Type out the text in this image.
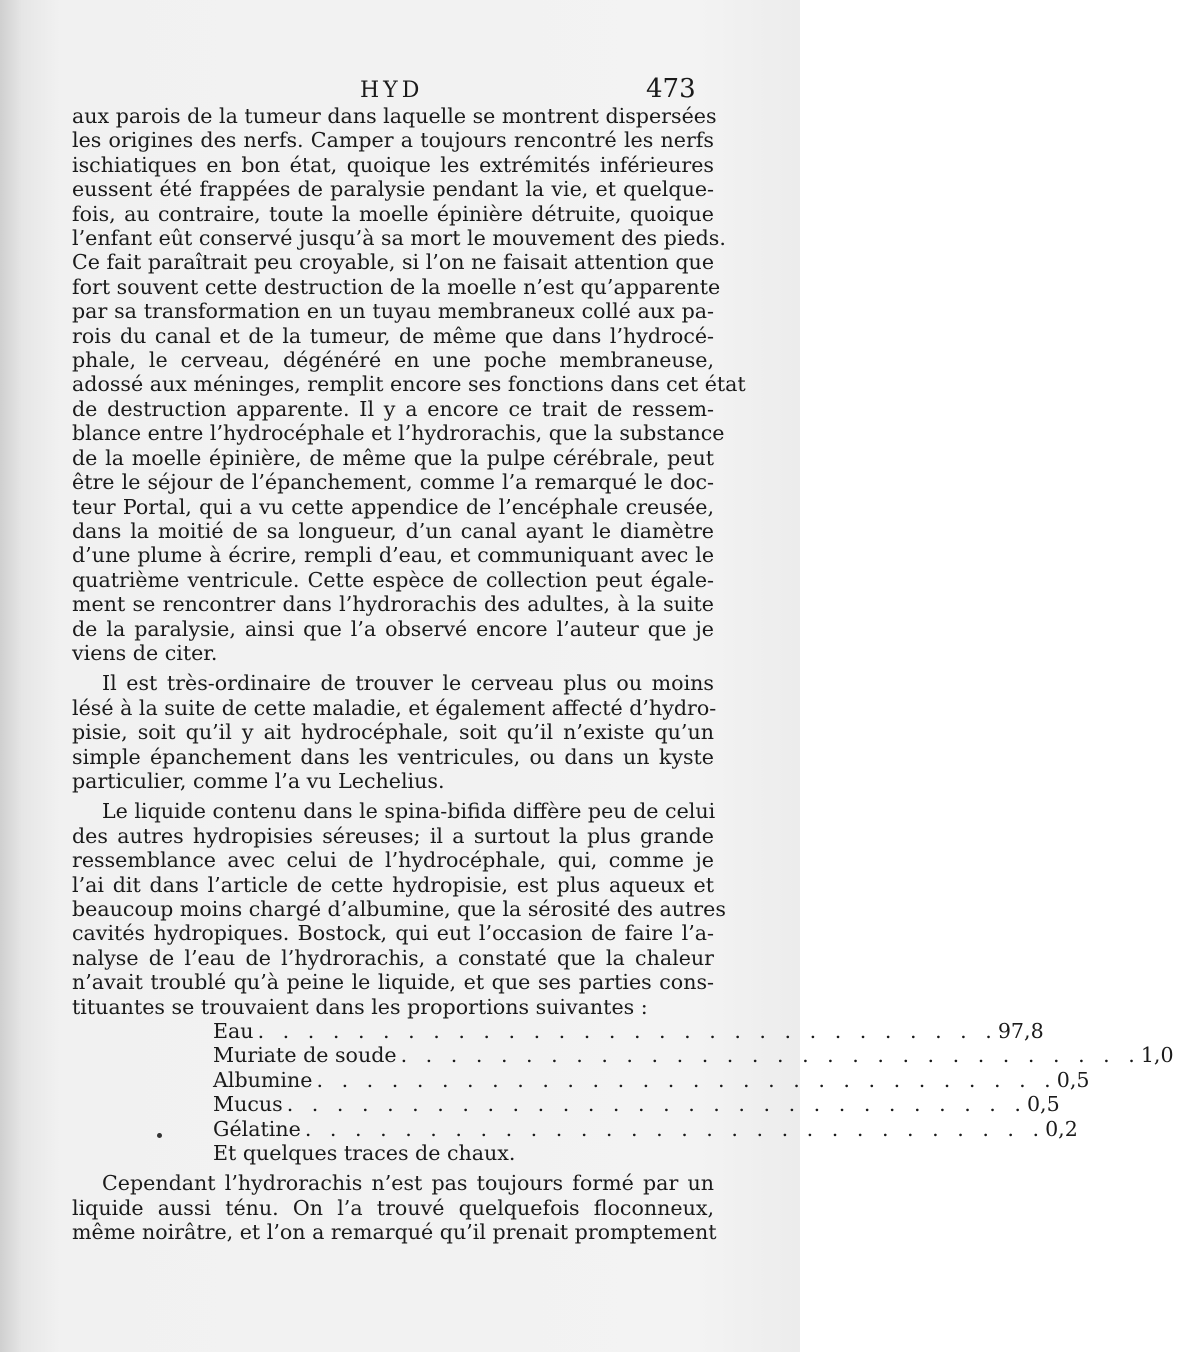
HYD	473

aux parois de la tumeur dans laquelle se montrent dispersées
les origines des nerfs. Camper a toujours rencontré les nerfs
ischiatiques en bon état, quoique les extrémités inférieures
eussent été frappées de paralysie pendant la vie, et quelque-
fois, au contraire, toute la moelle épinière détruite, quoique
l’enfant eût conservé jusqu’à sa mort le mouvement des pieds.
Ce fait paraîtrait peu croyable, si l’on ne faisait attention que
fort souvent cette destruction de la moelle n’est qu’apparente
par sa transformation en un tuyau membraneux collé aux pa-
rois du canal et de la tumeur, de même que dans l’hydrocé-
phale, le cerveau, dégénéré en une poche membraneuse,
adossé aux méninges, remplit encore ses fonctions dans cet état
de destruction apparente. Il y a encore ce trait de ressem-
blance entre l’hydrocéphale et l’hydrorachis, que la substance
de la moelle épinière, de même que la pulpe cérébrale, peut
être le séjour de l’épanchement, comme l’a remarqué le doc-
teur Portal, qui a vu cette appendice de l’encéphale creusée,
dans la moitié de sa longueur, d’un canal ayant le diamètre
d’une plume à écrire, rempli d’eau, et communiquant avec le
quatrième ventricule. Cette espèce de collection peut égale-
ment se rencontrer dans l’hydrorachis des adultes, à la suite
de la paralysie, ainsi que l’a observé encore l’auteur que je
viens de citer.

Il est très-ordinaire de trouver le cerveau plus ou moins
lésé à la suite de cette maladie, et également affecté d’hydro-
pisie, soit qu’il y ait hydrocéphale, soit qu’il n’existe qu’un
simple épanchement dans les ventricules, ou dans un kyste
particulier, comme l’a vu Lechelius.

Le liquide contenu dans le spina-bifida diffère peu de celui
des autres hydropisies séreuses; il a surtout la plus grande
ressemblance avec celui de l’hydrocéphale, qui, comme je
l’ai dit dans l’article de cette hydropisie, est plus aqueux et
beaucoup moins chargé d’albumine, que la sérosité des autres
cavités hydropiques. Bostock, qui eut l’occasion de faire l’a-
nalyse de l’eau de l’hydrorachis, a constaté que la chaleur
n’avait troublé qu’à peine le liquide, et que ses parties cons-
tituantes se trouvaient dans les proportions suivantes :

Eau . . . . . . . . . . . . . . . . . . . . . . . . . . . . . . 97,8
Muriate de soude . . . . . . . . . . . . . . . . . . . . . . . . . . . . . . 1,0
Albumine . . . . . . . . . . . . . . . . . . . . . . . . . . . . . . 0,5
Mucus . . . . . . . . . . . . . . . . . . . . . . . . . . . . . . 0,5
Gélatine . . . . . . . . . . . . . . . . . . . . . . . . . . . . . . 0,2
Et quelques traces de chaux.

Cependant l’hydrorachis n’est pas toujours formé par un
liquide aussi ténu. On l’a trouvé quelquefois floconneux,
même noirâtre, et l’on a remarqué qu’il prenait promptement
